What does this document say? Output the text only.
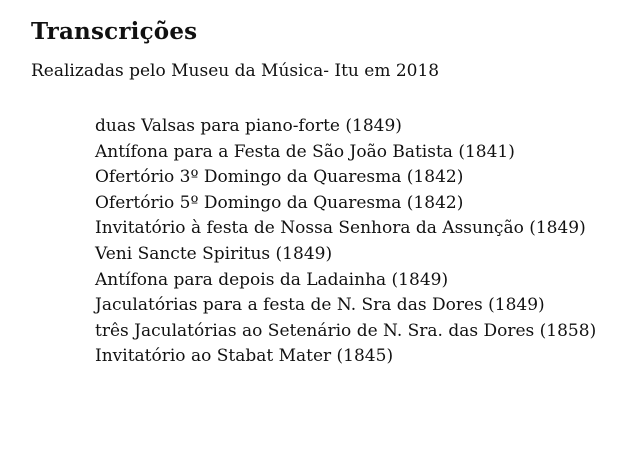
Transcrições

Realizadas pelo Museu da Música- Itu em 2018

duas Valsas para piano-forte (1849)
Antífona para a Festa de São João Batista (1841)
Ofertório 3º Domingo da Quaresma (1842)
Ofertório 5º Domingo da Quaresma (1842)
Invitatório à festa de Nossa Senhora da Assunção (1849)
Veni Sancte Spiritus (1849)
Antífona para depois da Ladainha (1849)
Jaculatórias para a festa de N. Sra das Dores (1849)
três Jaculatórias ao Setenário de N. Sra. das Dores (1858)
Invitatório ao Stabat Mater (1845)
